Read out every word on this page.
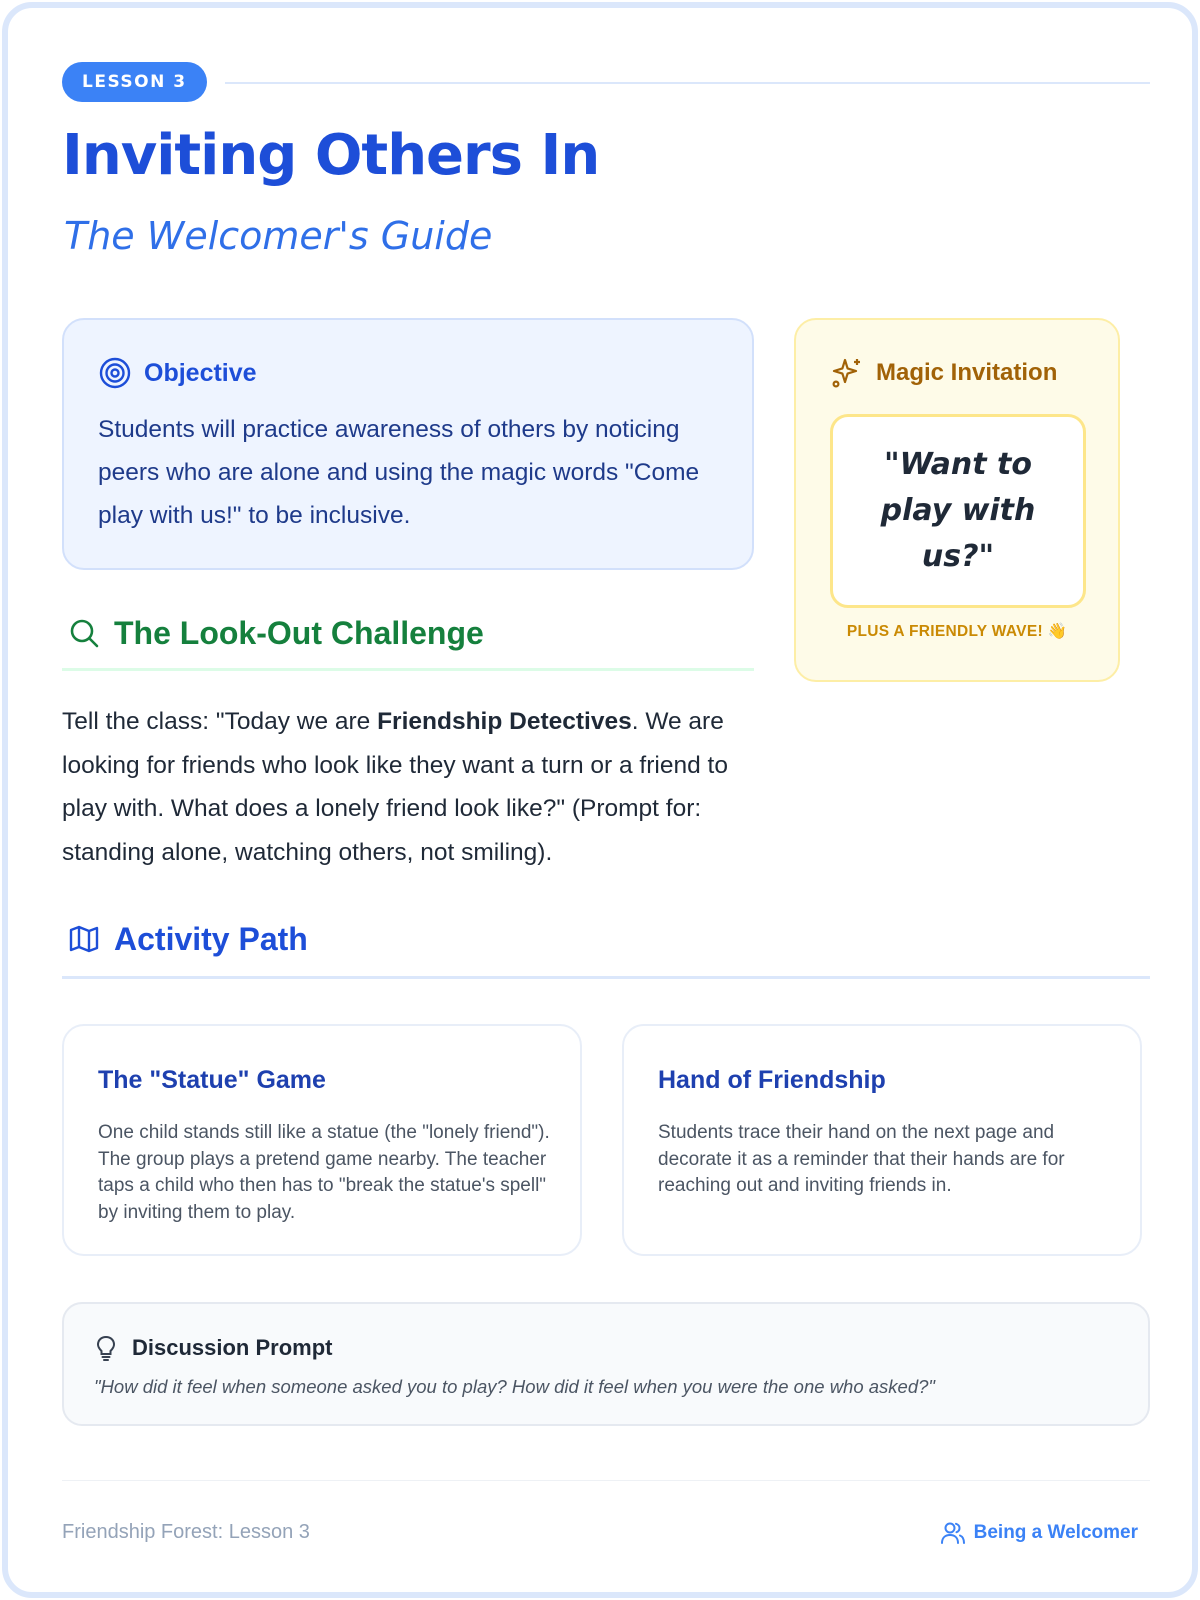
LESSON 3
Inviting Others In
The Welcomer's Guide
Objective

Students will practice awareness of others by noticing peers who are alone and using the magic words "Come play with us!" to be inclusive.

Magic Invitation
"Want to play with us?"
PLUS A FRIENDLY WAVE! 👋
The Look-Out Challenge

Tell the class: "Today we are Friendship Detectives. We are looking for friends who look like they want a turn or a friend to play with. What does a lonely friend look like?" (Prompt for: standing alone, watching others, not smiling).

Activity Path
The "Statue" Game

One child stands still like a statue (the "lonely friend"). The group plays a pretend game nearby. The teacher taps a child who then has to "break the statue's spell" by inviting them to play.

Hand of Friendship

Students trace their hand on the next page and decorate it as a reminder that their hands are for reaching out and inviting friends in.

Discussion Prompt

"How did it feel when someone asked you to play? How did it feel when you were the one who asked?"

Friendship Forest: Lesson 3	Being a Welcomer
